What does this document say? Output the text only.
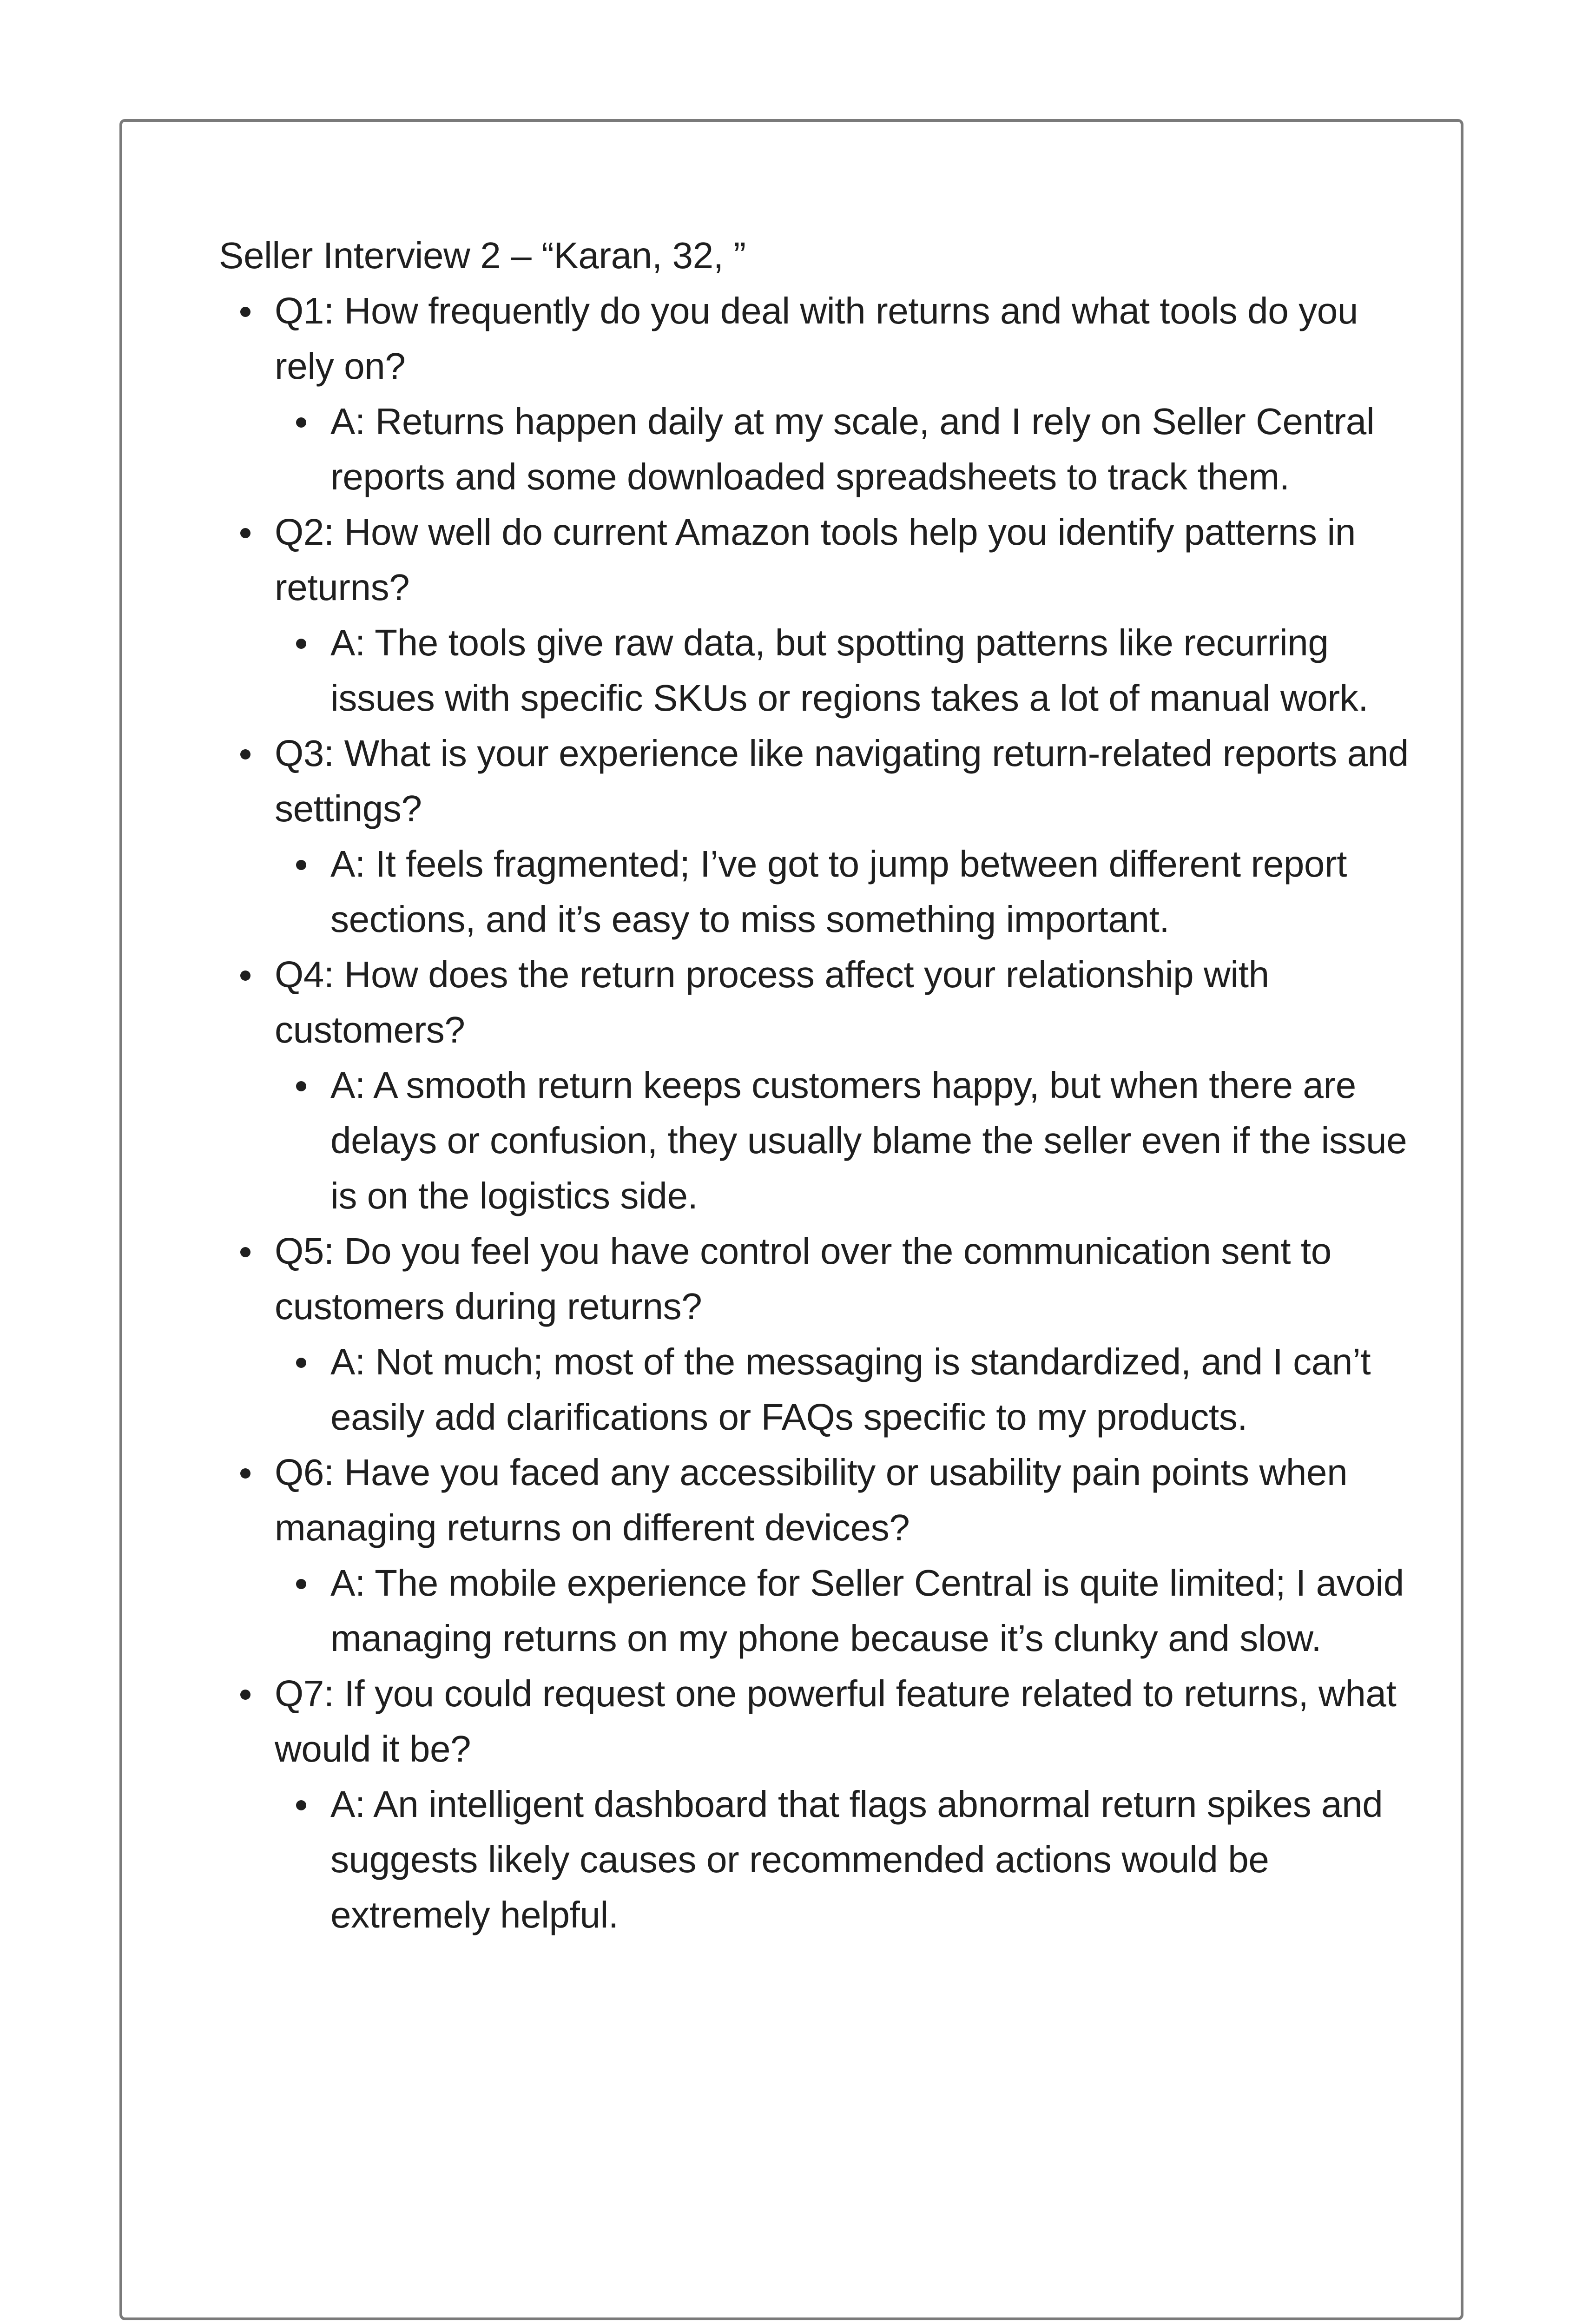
Seller Interview 2 – “Karan, 32, ”

Q1: How frequently do you deal with returns and what tools do you rely on?
A: Returns happen daily at my scale, and I rely on Seller Central reports and some downloaded spreadsheets to track them.
Q2: How well do current Amazon tools help you identify patterns in returns?
A: The tools give raw data, but spotting patterns like recurring issues with specific SKUs or regions takes a lot of manual work.
Q3: What is your experience like navigating return-related reports and settings?
A: It feels fragmented; I’ve got to jump between different report sections, and it’s easy to miss something important.
Q4: How does the return process affect your relationship with customers?
A: A smooth return keeps customers happy, but when there are delays or confusion, they usually blame the seller even if the issue is on the logistics side.
Q5: Do you feel you have control over the communication sent to customers during returns?
A: Not much; most of the messaging is standardized, and I can’t easily add clarifications or FAQs specific to my products.
Q6: Have you faced any accessibility or usability pain points when managing returns on different devices?
A: The mobile experience for Seller Central is quite limited; I avoid managing returns on my phone because it’s clunky and slow.
Q7: If you could request one powerful feature related to returns, what would it be?
A: An intelligent dashboard that flags abnormal return spikes and suggests likely causes or recommended actions would be extremely helpful.
